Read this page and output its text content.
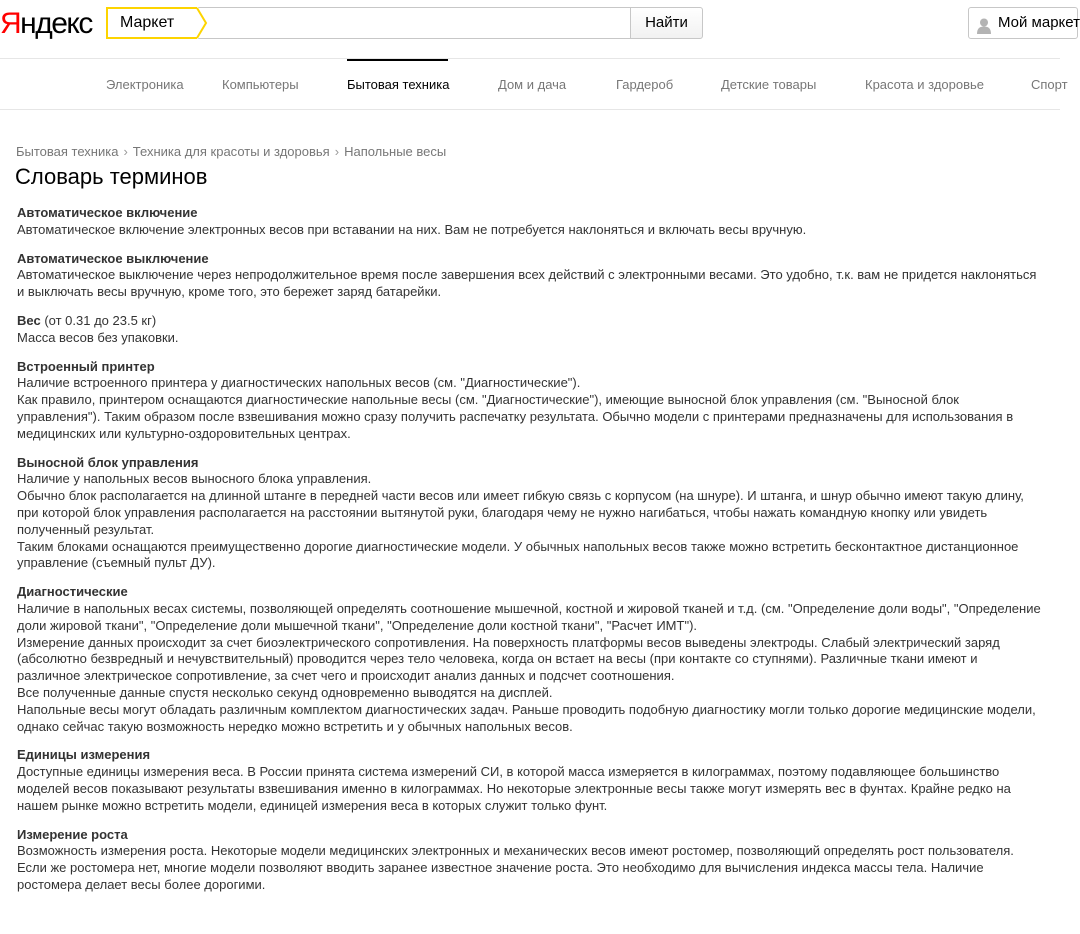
Яндекс	Маркет	Найти	Мой маркет
Электроника	Компьютеры	Бытовая техника	Дом и дача	Гардероб	Детские товары	Красота и здоровье	Спорт
Бытовая техника › Техника для красоты и здоровья › Напольные весы
Словарь терминов
Автоматическое включение
Автоматическое включение электронных весов при вставании на них. Вам не потребуется наклоняться и включать весы вручную.
Автоматическое выключение
Автоматическое выключение через непродолжительное время после завершения всех действий с электронными весами. Это удобно, т.к. вам не придется наклоняться и выключать весы вручную, кроме того, это бережет заряд батарейки.
Вес (от 0.31 до 23.5 кг)
Масса весов без упаковки.
Встроенный принтер
Наличие встроенного принтера у диагностических напольных весов (см. "Диагностические").
Как правило, принтером оснащаются диагностические напольные весы (см. "Диагностические"), имеющие выносной блок управления (см. "Выносной блок управления"). Таким образом после взвешивания можно сразу получить распечатку результата. Обычно модели с принтерами предназначены для использования в медицинских или культурно-оздоровительных центрах.
Выносной блок управления
Наличие у напольных весов выносного блока управления.
Обычно блок располагается на длинной штанге в передней части весов или имеет гибкую связь с корпусом (на шнуре). И штанга, и шнур обычно имеют такую длину, при которой блок управления располагается на расстоянии вытянутой руки, благодаря чему не нужно нагибаться, чтобы нажать командную кнопку или увидеть полученный результат.
Таким блоками оснащаются преимущественно дорогие диагностические модели. У обычных напольных весов также можно встретить бесконтактное дистанционное управление (съемный пульт ДУ).
Диагностические
Наличие в напольных весах системы, позволяющей определять соотношение мышечной, костной и жировой тканей и т.д. (см. "Определение доли воды", "Определение доли жировой ткани", "Определение доли мышечной ткани", "Определение доли костной ткани", "Расчет ИМТ").
Измерение данных происходит за счет биоэлектрического сопротивления. На поверхность платформы весов выведены электроды. Слабый электрический заряд (абсолютно безвредный и нечувствительный) проводится через тело человека, когда он встает на весы (при контакте со ступнями). Различные ткани имеют и различное электрическое сопротивление, за счет чего и происходит анализ данных и подсчет соотношения.
Все полученные данные спустя несколько секунд одновременно выводятся на дисплей.
Напольные весы могут обладать различным комплектом диагностических задач. Раньше проводить подобную диагностику могли только дорогие медицинские модели, однако сейчас такую возможность нередко можно встретить и у обычных напольных весов.
Единицы измерения
Доступные единицы измерения веса. В России принята система измерений СИ, в которой масса измеряется в килограммах, поэтому подавляющее большинство моделей весов показывают результаты взвешивания именно в килограммах. Но некоторые электронные весы также могут измерять вес в фунтах. Крайне редко на нашем рынке можно встретить модели, единицей измерения веса в которых служит только фунт.
Измерение роста
Возможность измерения роста. Некоторые модели медицинских электронных и механических весов имеют ростомер, позволяющий определять рост пользователя. Если же ростомера нет, многие модели позволяют вводить заранее известное значение роста. Это необходимо для вычисления индекса массы тела. Наличие ростомера делает весы более дорогими.
